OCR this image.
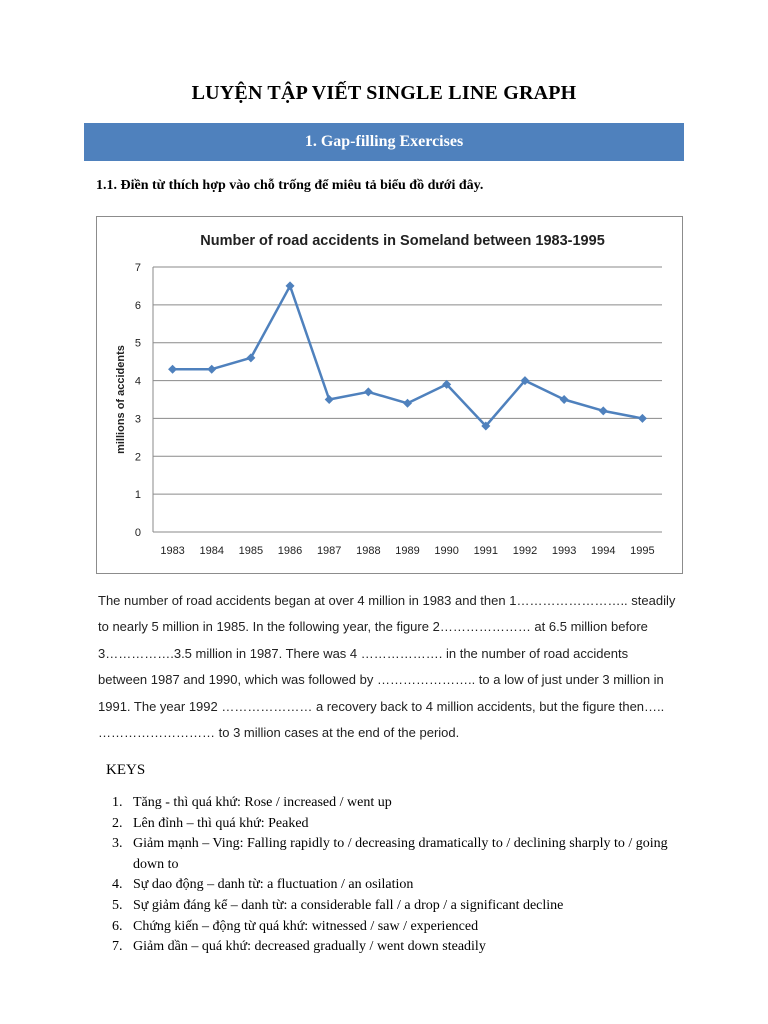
LUYỆN TẬP VIẾT SINGLE LINE GRAPH
1. Gap-filling Exercises
1.1. Điền từ thích hợp vào chỗ trống để miêu tả biểu đồ dưới đây.
Number of road accidents in Someland between 1983-1995
0
1
2
3
4
5
6
7
millions of accidents
1983 1984 1985 1986 1987 1988 1989 1990 1991 1992 1993 1994 1995
The number of road accidents began at over 4 million in 1983 and then 1…………………….. steadily
to nearly 5 million in 1985. In the following year, the figure 2………………… at 6.5 million before
3…………….3.5 million in 1987. There was 4 ………………. in the number of road accidents
between 1987 and 1990, which was followed by ………………….. to a low of just under 3 million in
1991. The year 1992 ………………… a recovery back to 4 million accidents, but the figure then…..
……………………… to 3 million cases at the end of the period.
KEYS
1. Tăng - thì quá khứ: Rose / increased / went up
2. Lên đỉnh – thì quá khứ: Peaked
3. Giảm mạnh – Ving: Falling rapidly to / decreasing dramatically to / declining sharply to / going down to
4. Sự dao động – danh từ: a fluctuation / an osilation
5. Sự giảm đáng kể – danh từ: a considerable fall / a drop / a significant decline
6. Chứng kiến – động từ quá khứ: witnessed / saw / experienced
7. Giảm dần – quá khứ: decreased gradually / went down steadily
